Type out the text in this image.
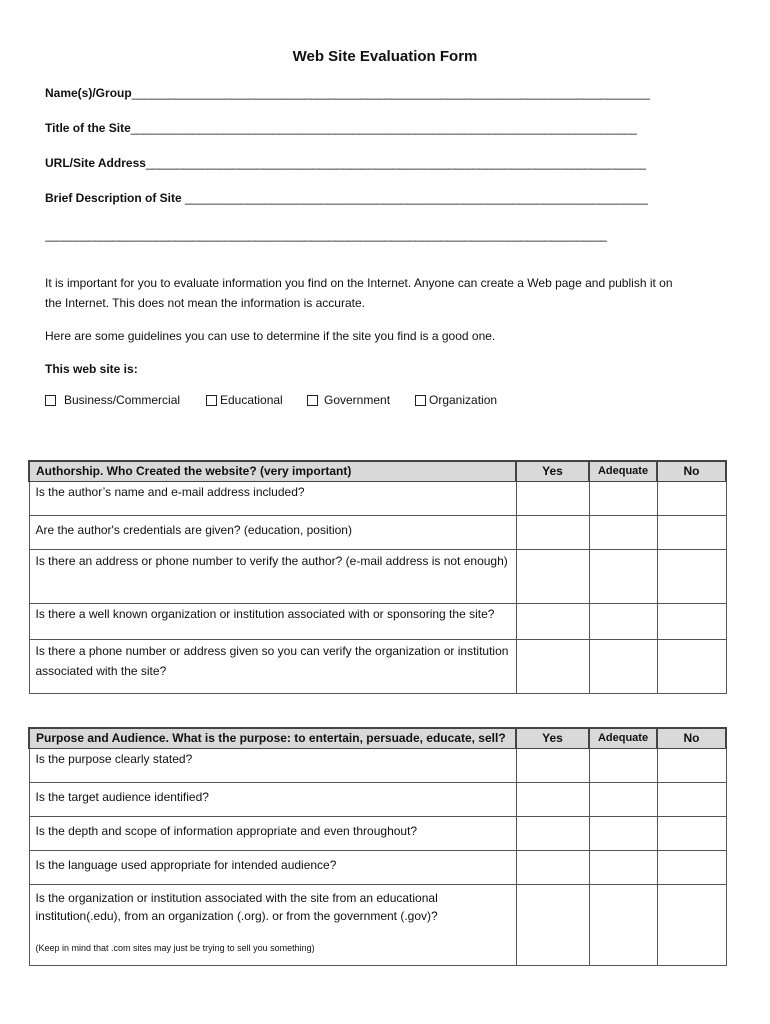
Web Site Evaluation Form
Name(s)/Group____________________________________________________________________________________
Title of the Site__________________________________________________________________________________
URL/Site Address_________________________________________________________________________________
Brief Description of Site ___________________________________________________________________________
___________________________________________________________________________________________
It is important for you to evaluate information you find on the Internet. Anyone can create a Web page and publish it on
the Internet. This does not mean the information is accurate.
Here are some guidelines you can use to determine if the site you find is a good one.
This web site is:
Business/Commercial	Educational	Government	Organization
Authorship. Who Created the website? (very important)	Yes	Adequate	No
Is the author’s name and e-mail address included?			
Are the author's credentials are given? (education, position)			
Is there an address or phone number to verify the author? (e-mail address is not enough)			
Is there a well known organization or institution associated with or sponsoring the site?			
Is there a phone number or address given so you can verify the organization or institution associated with the site?			
Purpose and Audience. What is the purpose: to entertain, persuade, educate, sell?	Yes	Adequate	No
Is the purpose clearly stated?			
Is the target audience identified?			
Is the depth and scope of information appropriate and even throughout?			
Is the language used appropriate for intended audience?			
Is the organization or institution associated with the site from an educational institution(.edu), from an organization (.org). or from the government (.gov)?
(Keep in mind that .com sites may just be trying to sell you something)			
